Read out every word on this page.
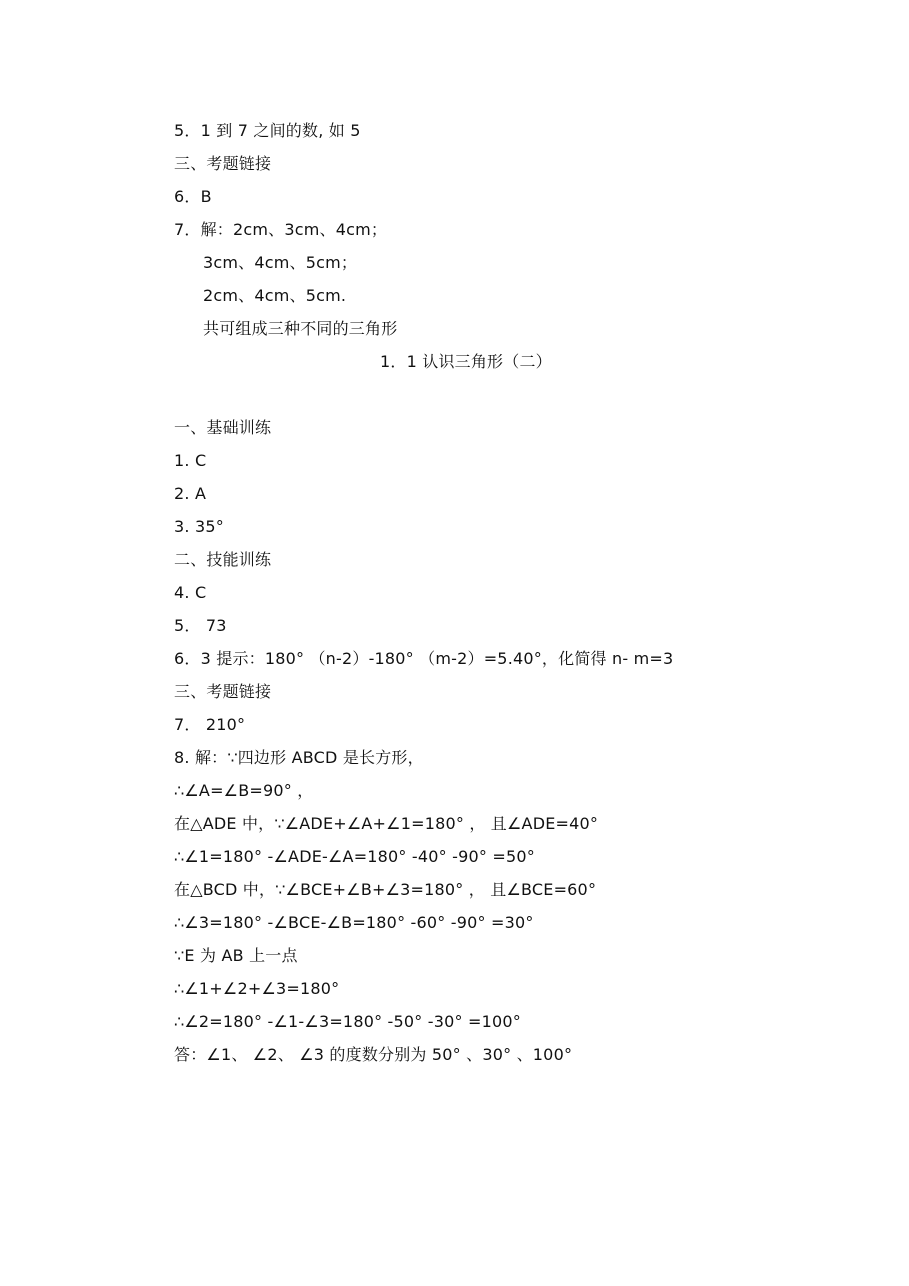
5．1 到 7 之间的数, 如 5
三、考题链接
6．B
7．解：2cm、3cm、4cm；
3cm、4cm、5cm；
2cm、4cm、5cm.
共可组成三种不同的三角形
1．1 认识三角形（二）
一、基础训练
1. C
2. A
3. 35°
二、技能训练
4. C
5． 73
6．3 提示：180° （n-2）-180° （m-2）=5.40°，化简得 n- m=3
三、考题链接
7． 210°
8. 解：∵四边形 ABCD 是长方形，
∴∠A=∠B=90° ，
在△ADE 中，∵∠ADE+∠A+∠1=180° ， 且∠ADE=40°
∴∠1=180° -∠ADE-∠A=180° -40° -90° =50°
在△BCD 中，∵∠BCE+∠B+∠3=180° ， 且∠BCE=60°
∴∠3=180° -∠BCE-∠B=180° -60° -90° =30°
∵E 为 AB 上一点
∴∠1+∠2+∠3=180°
∴∠2=180° -∠1-∠3=180° -50° -30° =100°
答：∠1、 ∠2、 ∠3 的度数分别为 50° 、30° 、100°
